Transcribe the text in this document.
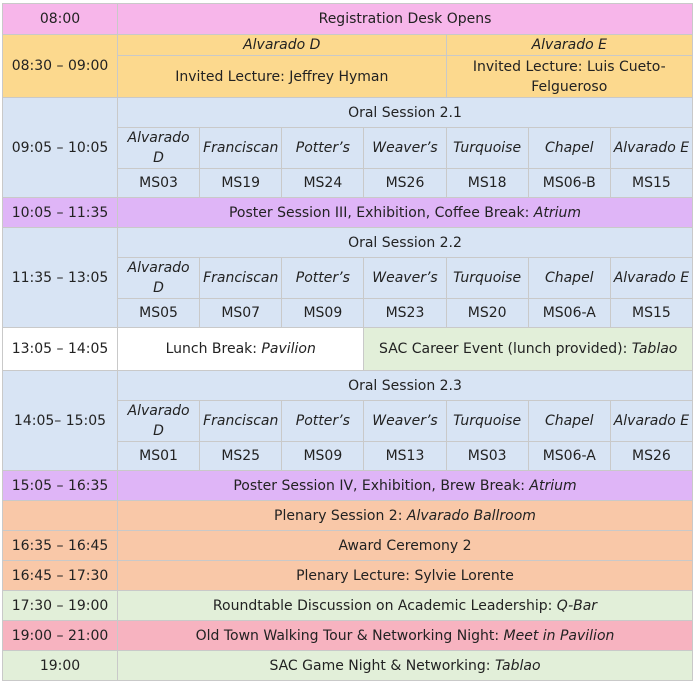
08:00	Registration Desk Opens						
08:30 – 09:00	Alvarado D				Alvarado E		
	Invited Lecture: Jeffrey Hyman				Invited Lecture: Luis Cueto-Felgueroso		
09:05 – 10:05	Oral Session 2.1						
	Alvarado D	Franciscan	Potter’s	Weaver’s	Turquoise	Chapel	Alvarado E
	MS03	MS19	MS24	MS26	MS18	MS06-B	MS15
10:05 – 11:35	Poster Session III, Exhibition, Coffee Break: Atrium						
11:35 – 13:05	Oral Session 2.2						
	Alvarado D	Franciscan	Potter’s	Weaver’s	Turquoise	Chapel	Alvarado E
	MS05	MS07	MS09	MS23	MS20	MS06-A	MS15
13:05 – 14:05	Lunch Break: Pavilion			SAC Career Event (lunch provided): Tablao			
14:05– 15:05	Oral Session 2.3						
	Alvarado D	Franciscan	Potter’s	Weaver’s	Turquoise	Chapel	Alvarado E
	MS01	MS25	MS09	MS13	MS03	MS06-A	MS26
15:05 – 16:35	Poster Session IV, Exhibition, Brew Break: Atrium						
	Plenary Session 2: Alvarado Ballroom						
16:35 – 16:45	Award Ceremony 2						
16:45 – 17:30	Plenary Lecture: Sylvie Lorente						
17:30 – 19:00	Roundtable Discussion on Academic Leadership: Q-Bar						
19:00 – 21:00	Old Town Walking Tour & Networking Night: Meet in Pavilion						
19:00	SAC Game Night & Networking: Tablao						
